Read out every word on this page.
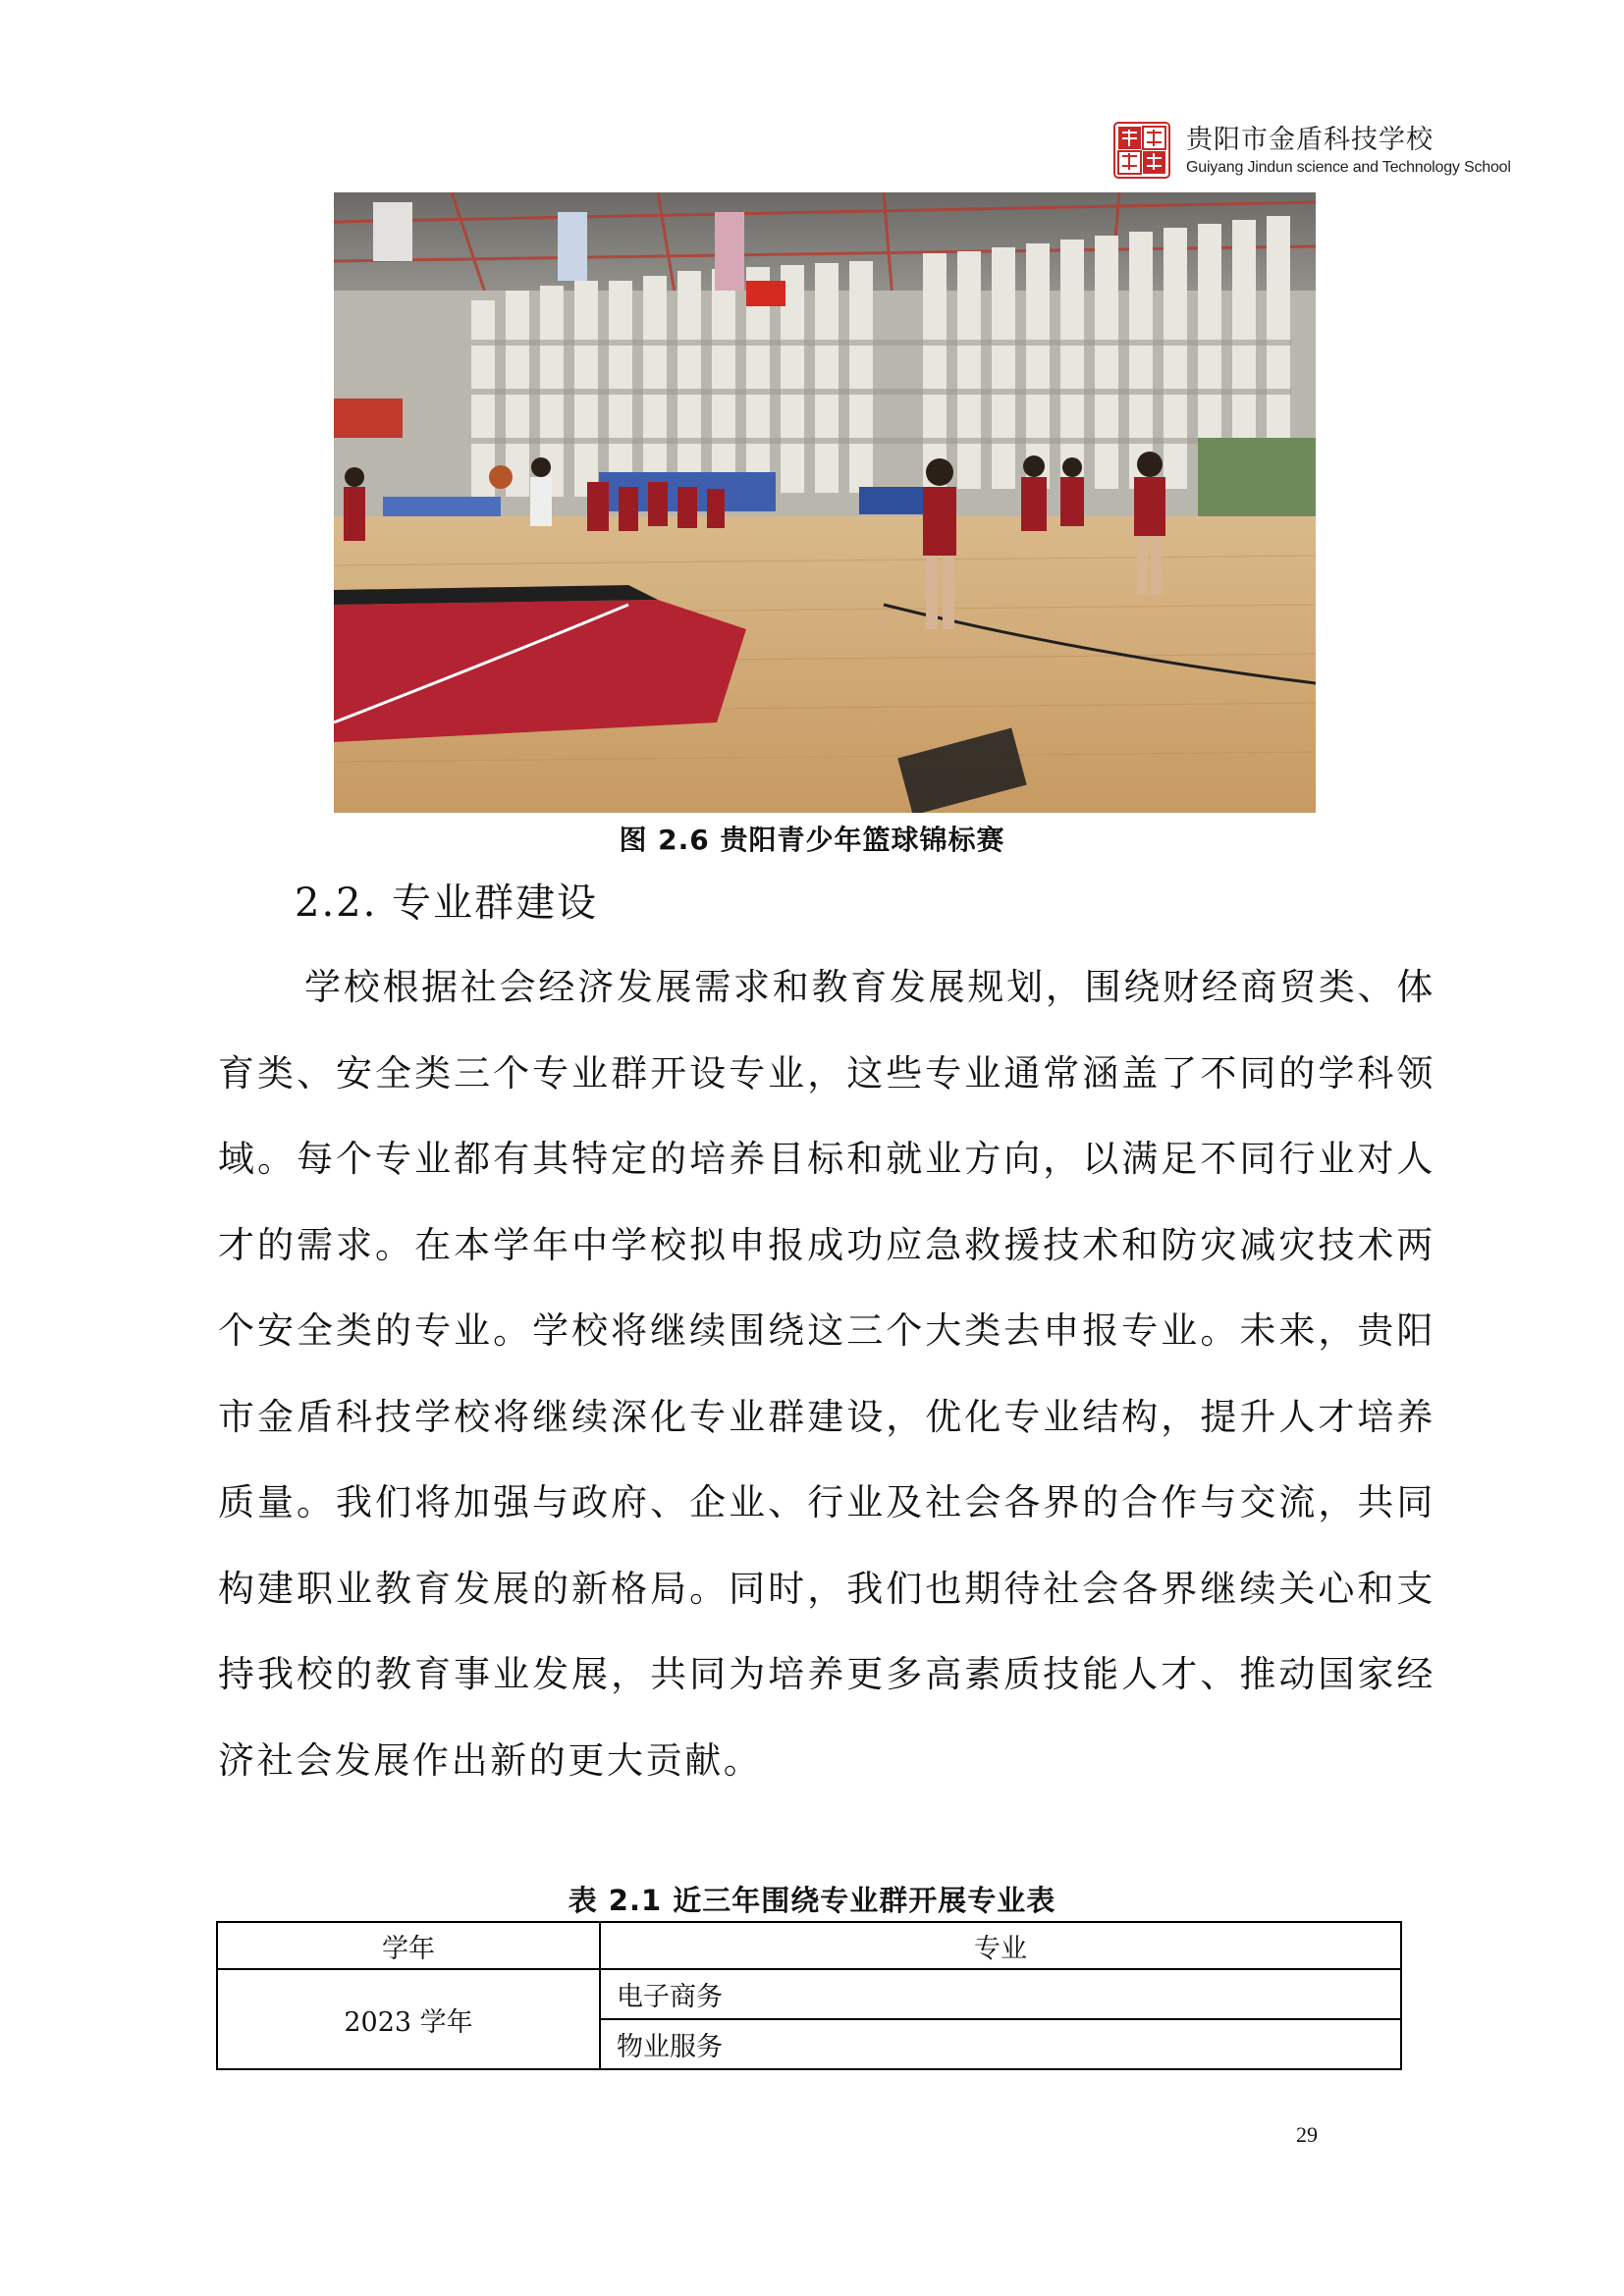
贵阳市金盾科技学校
Guiyang Jindun science and Technology School
图 2.6 贵阳青少年篮球锦标赛
2.2. 专业群建设
学校根据社会经济发展需求和教育发展规划，围绕财经商贸类、体育类、安全类三个专业群开设专业，这些专业通常涵盖了不同的学科领域。每个专业都有其特定的培养目标和就业方向，以满足不同行业对人才的需求。在本学年中学校拟申报成功应急救援技术和防灾减灾技术两个安全类的专业。学校将继续围绕这三个大类去申报专业。未来，贵阳市金盾科技学校将继续深化专业群建设，优化专业结构，提升人才培养质量。我们将加强与政府、企业、行业及社会各界的合作与交流，共同构建职业教育发展的新格局。同时，我们也期待社会各界继续关心和支持我校的教育事业发展，共同为培养更多高素质技能人才、推动国家经济社会发展作出新的更大贡献。
表 2.1 近三年围绕专业群开展专业表
学年	专业
2023 学年	电子商务
	物业服务
29
